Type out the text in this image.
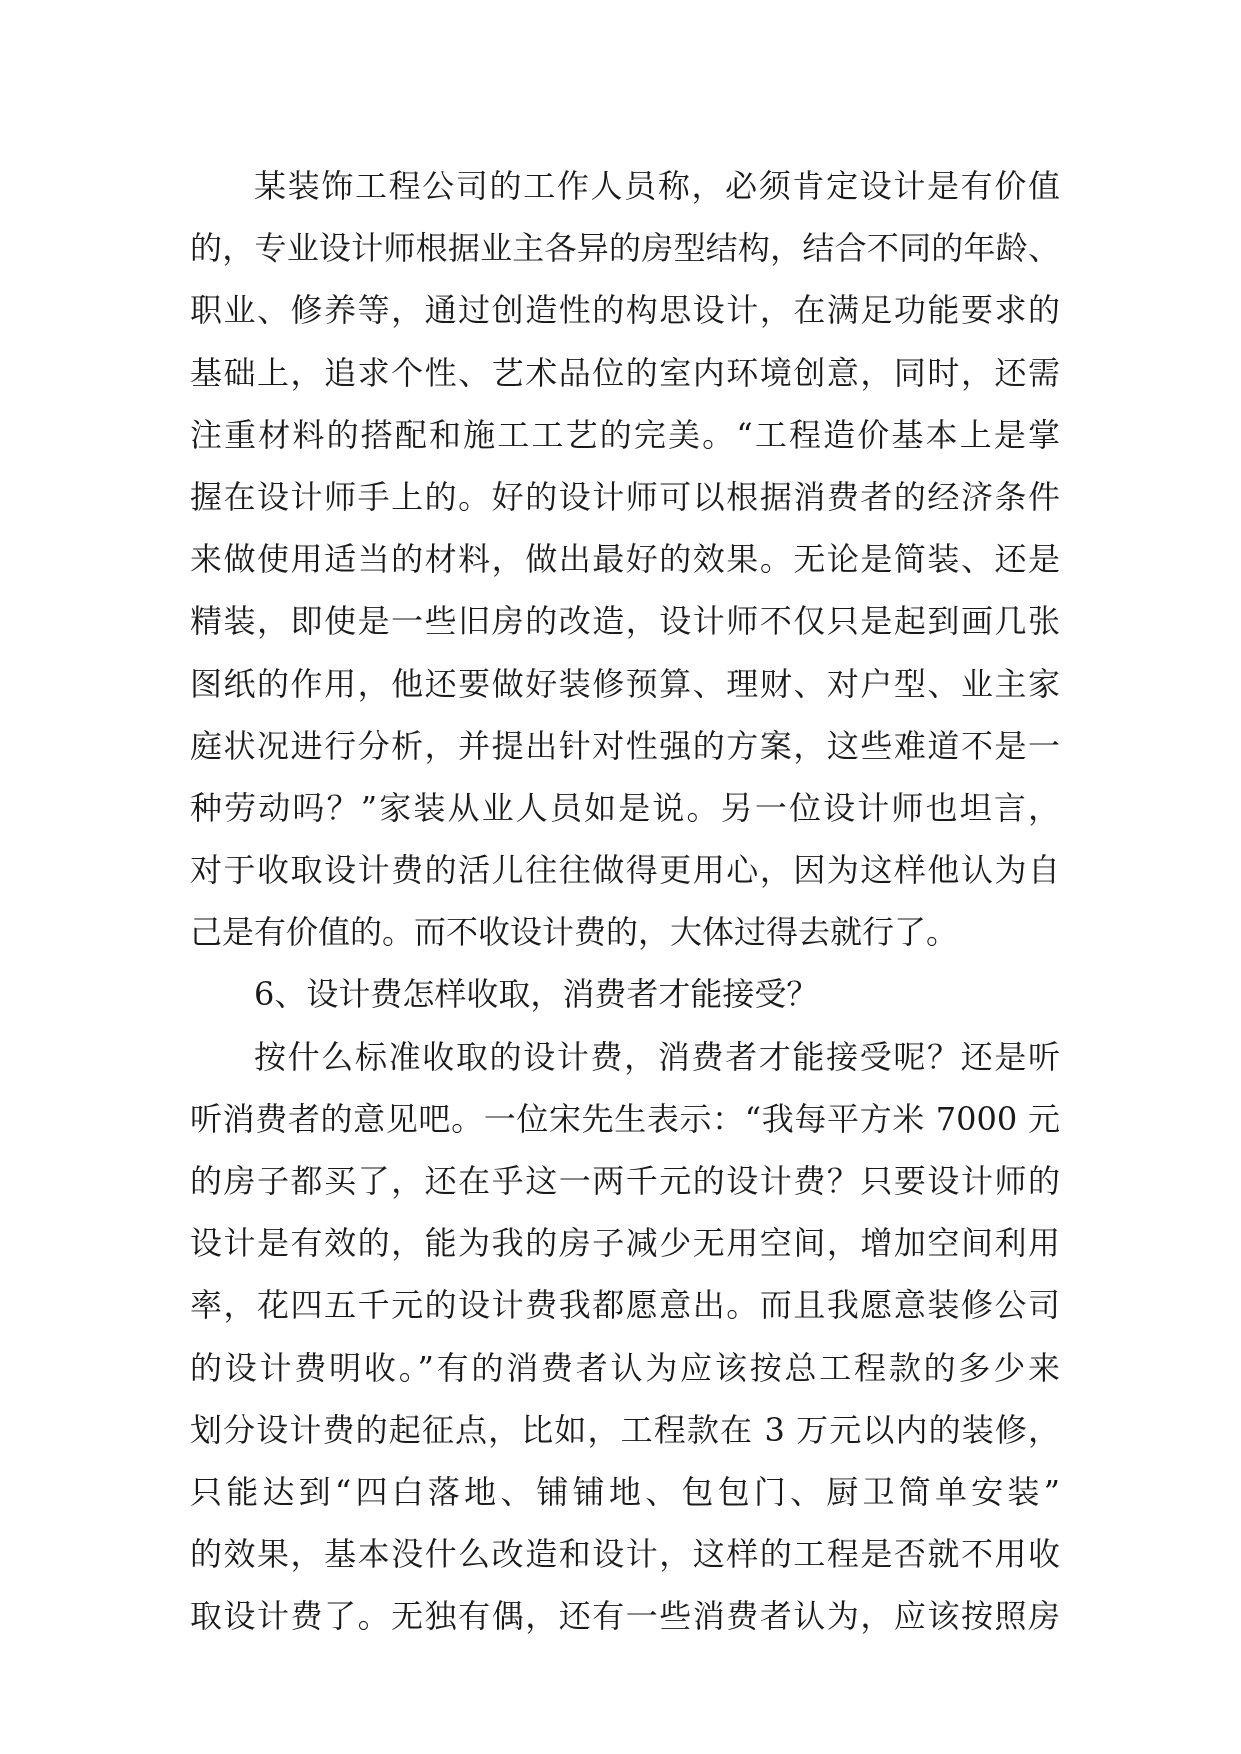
某装饰工程公司的工作人员称，必须肯定设计是有价值
的，专业设计师根据业主各异的房型结构，结合不同的年龄、
职业、修养等，通过创造性的构思设计，在满足功能要求的
基础上，追求个性、艺术品位的室内环境创意，同时，还需
注重材料的搭配和施工工艺的完美。“工程造价基本上是掌
握在设计师手上的。好的设计师可以根据消费者的经济条件
来做使用适当的材料，做出最好的效果。无论是简装、还是
精装，即使是一些旧房的改造，设计师不仅只是起到画几张
图纸的作用，他还要做好装修预算、理财、对户型、业主家
庭状况进行分析，并提出针对性强的方案，这些难道不是一
种劳动吗？”家装从业人员如是说。另一位设计师也坦言，
对于收取设计费的活儿往往做得更用心，因为这样他认为自
己是有价值的。而不收设计费的，大体过得去就行了。
6、设计费怎样收取，消费者才能接受？
按什么标准收取的设计费，消费者才能接受呢？还是听
听消费者的意见吧。一位宋先生表示：“我每平方米 7000 元
的房子都买了，还在乎这一两千元的设计费？只要设计师的
设计是有效的，能为我的房子减少无用空间，增加空间利用
率，花四五千元的设计费我都愿意出。而且我愿意装修公司
的设计费明收。”有的消费者认为应该按总工程款的多少来
划分设计费的起征点，比如，工程款在 3 万元以内的装修，
只能达到“四白落地、铺铺地、包包门、厨卫简单安装”
的效果，基本没什么改造和设计，这样的工程是否就不用收
取设计费了。无独有偶，还有一些消费者认为，应该按照房
